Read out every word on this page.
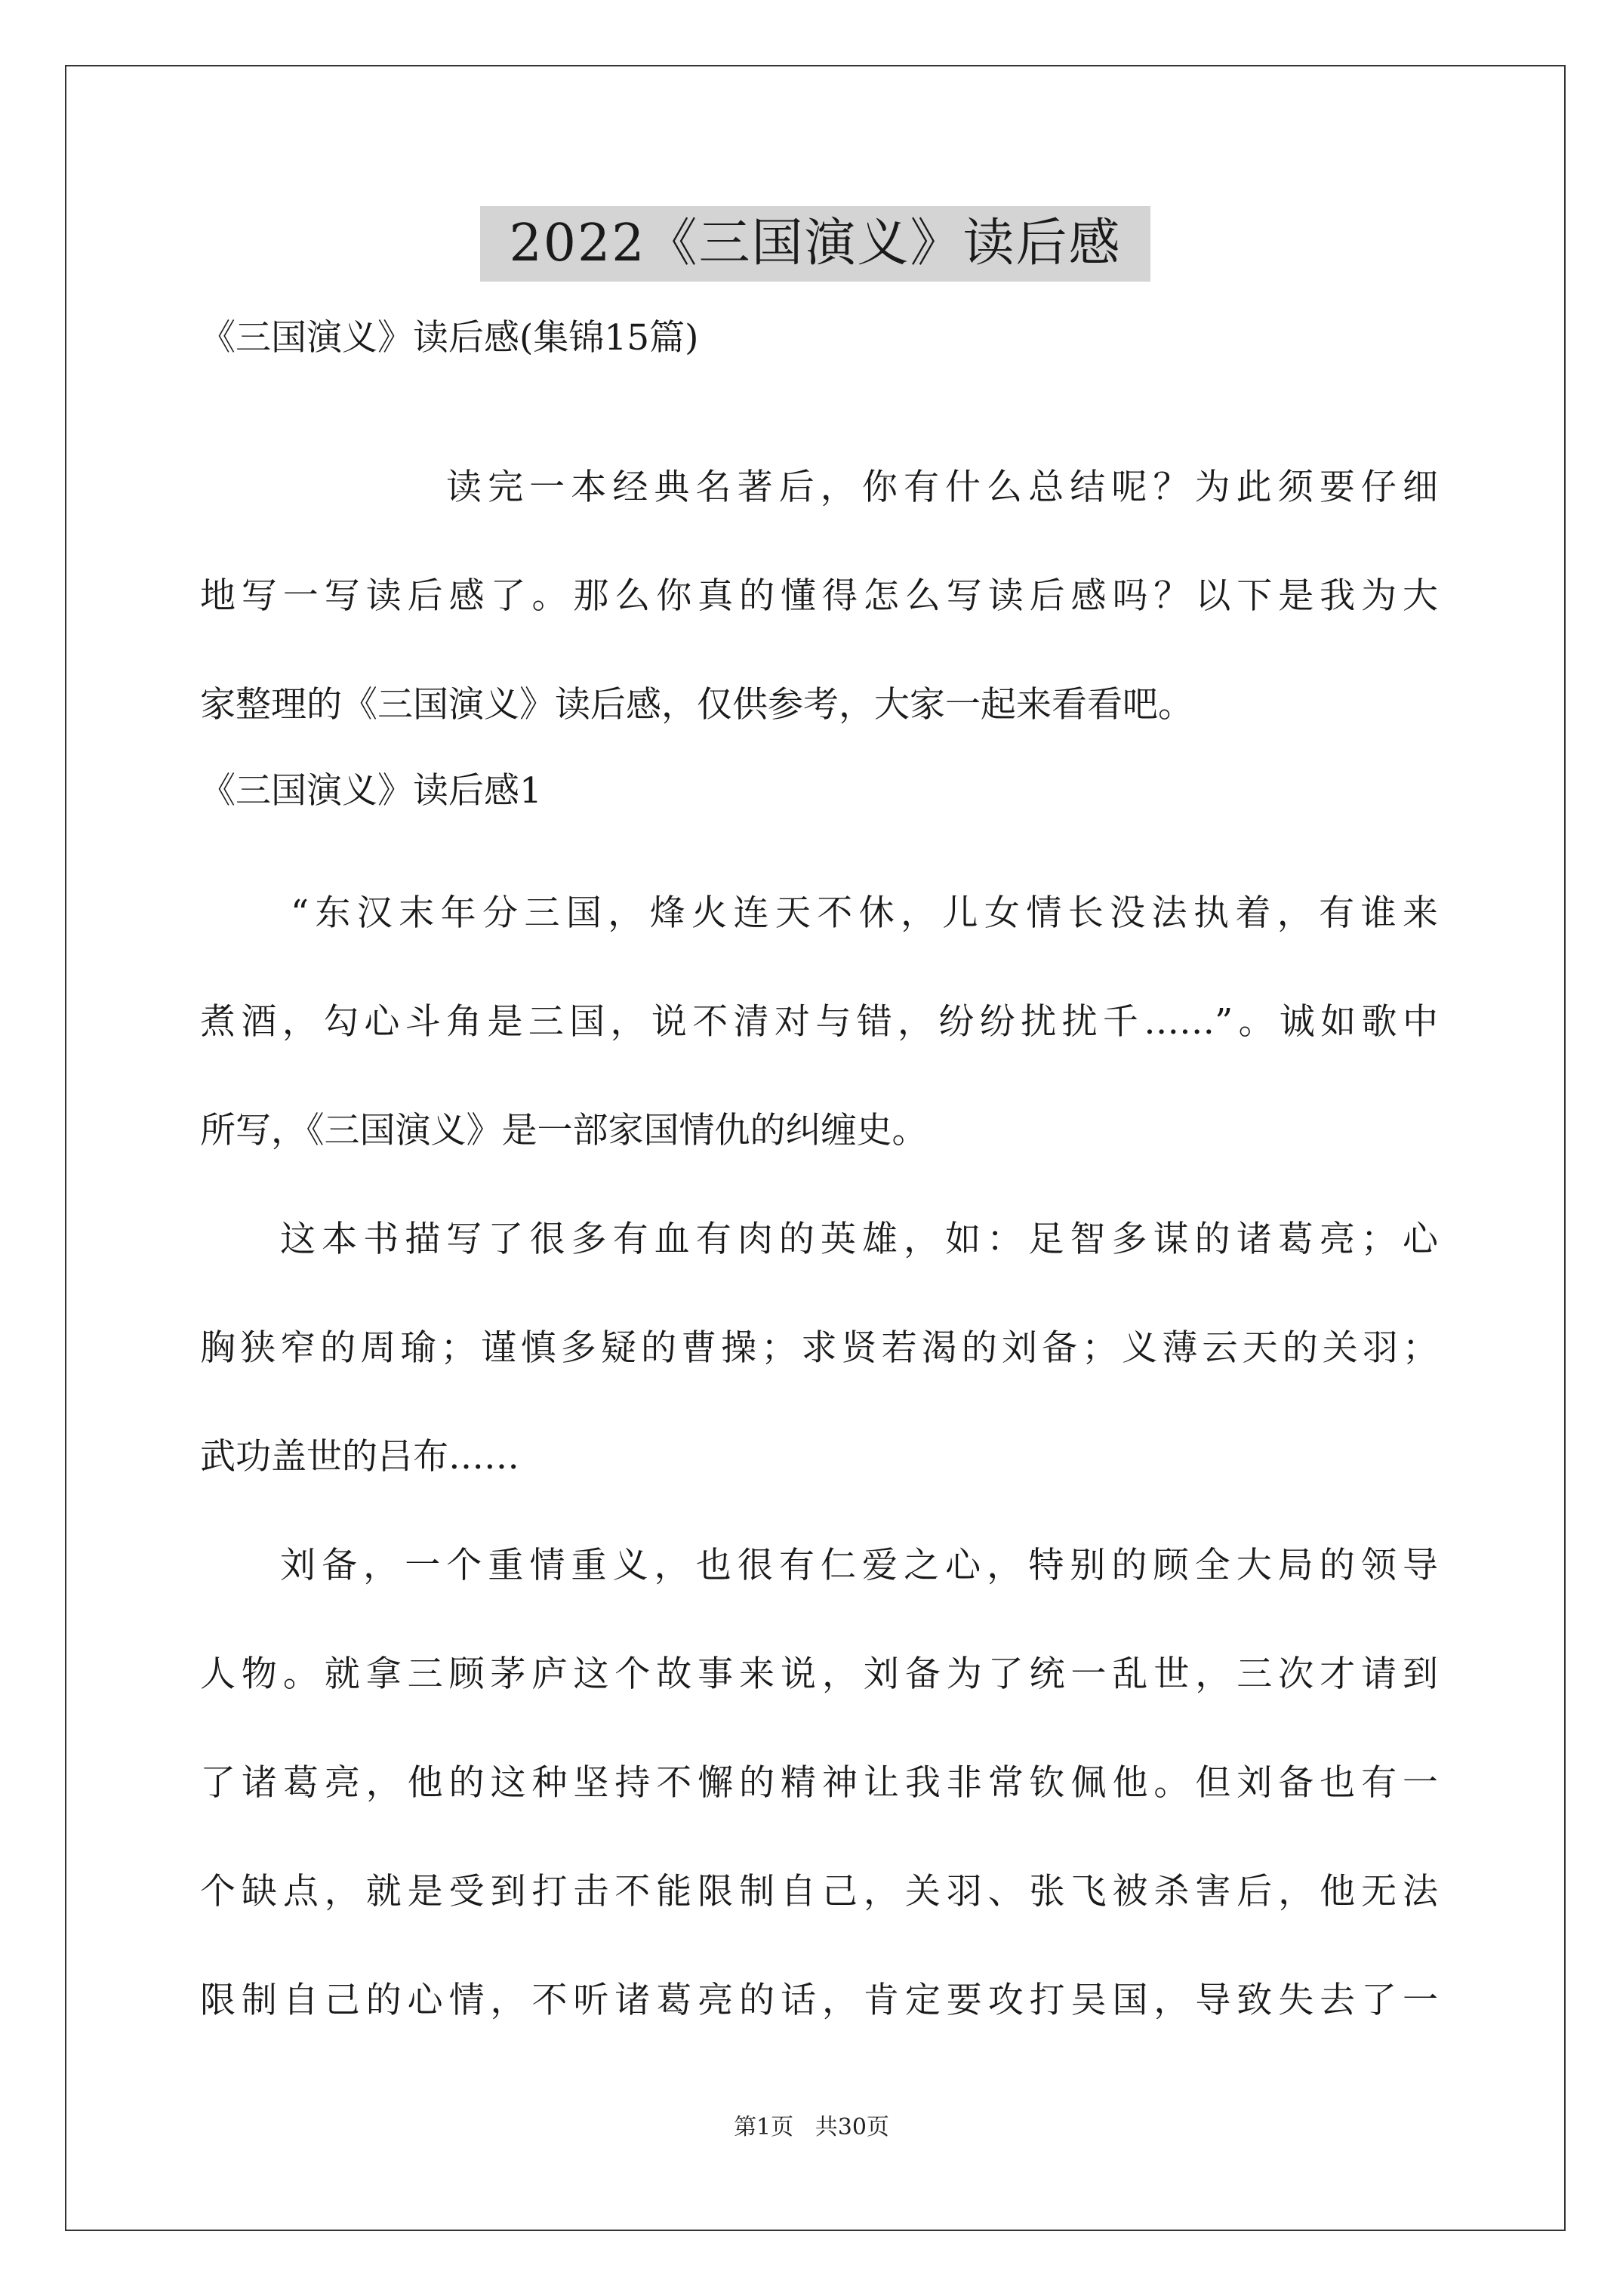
2022《三国演义》读后感
《三国演义》读后感(集锦15篇)
读完一本经典名著后，你有什么总结呢？为此须要仔细
地写一写读后感了。那么你真的懂得怎么写读后感吗？以下是我为大
家整理的《三国演义》读后感，仅供参考，大家一起来看看吧。
《三国演义》读后感1
“东汉末年分三国，烽火连天不休，儿女情长没法执着，有谁来
煮酒，勾心斗角是三国，说不清对与错，纷纷扰扰千……”。诚如歌中
所写，《三国演义》是一部家国情仇的纠缠史。
这本书描写了很多有血有肉的英雄，如：足智多谋的诸葛亮；心
胸狭窄的周瑜；谨慎多疑的曹操；求贤若渴的刘备；义薄云天的关羽；
武功盖世的吕布……
刘备，一个重情重义，也很有仁爱之心，特别的顾全大局的领导
人物。就拿三顾茅庐这个故事来说，刘备为了统一乱世，三次才请到
了诸葛亮，他的这种坚持不懈的精神让我非常钦佩他。但刘备也有一
个缺点，就是受到打击不能限制自己，关羽、张飞被杀害后，他无法
限制自己的心情，不听诸葛亮的话，肯定要攻打吴国，导致失去了一
第1页   共30页
